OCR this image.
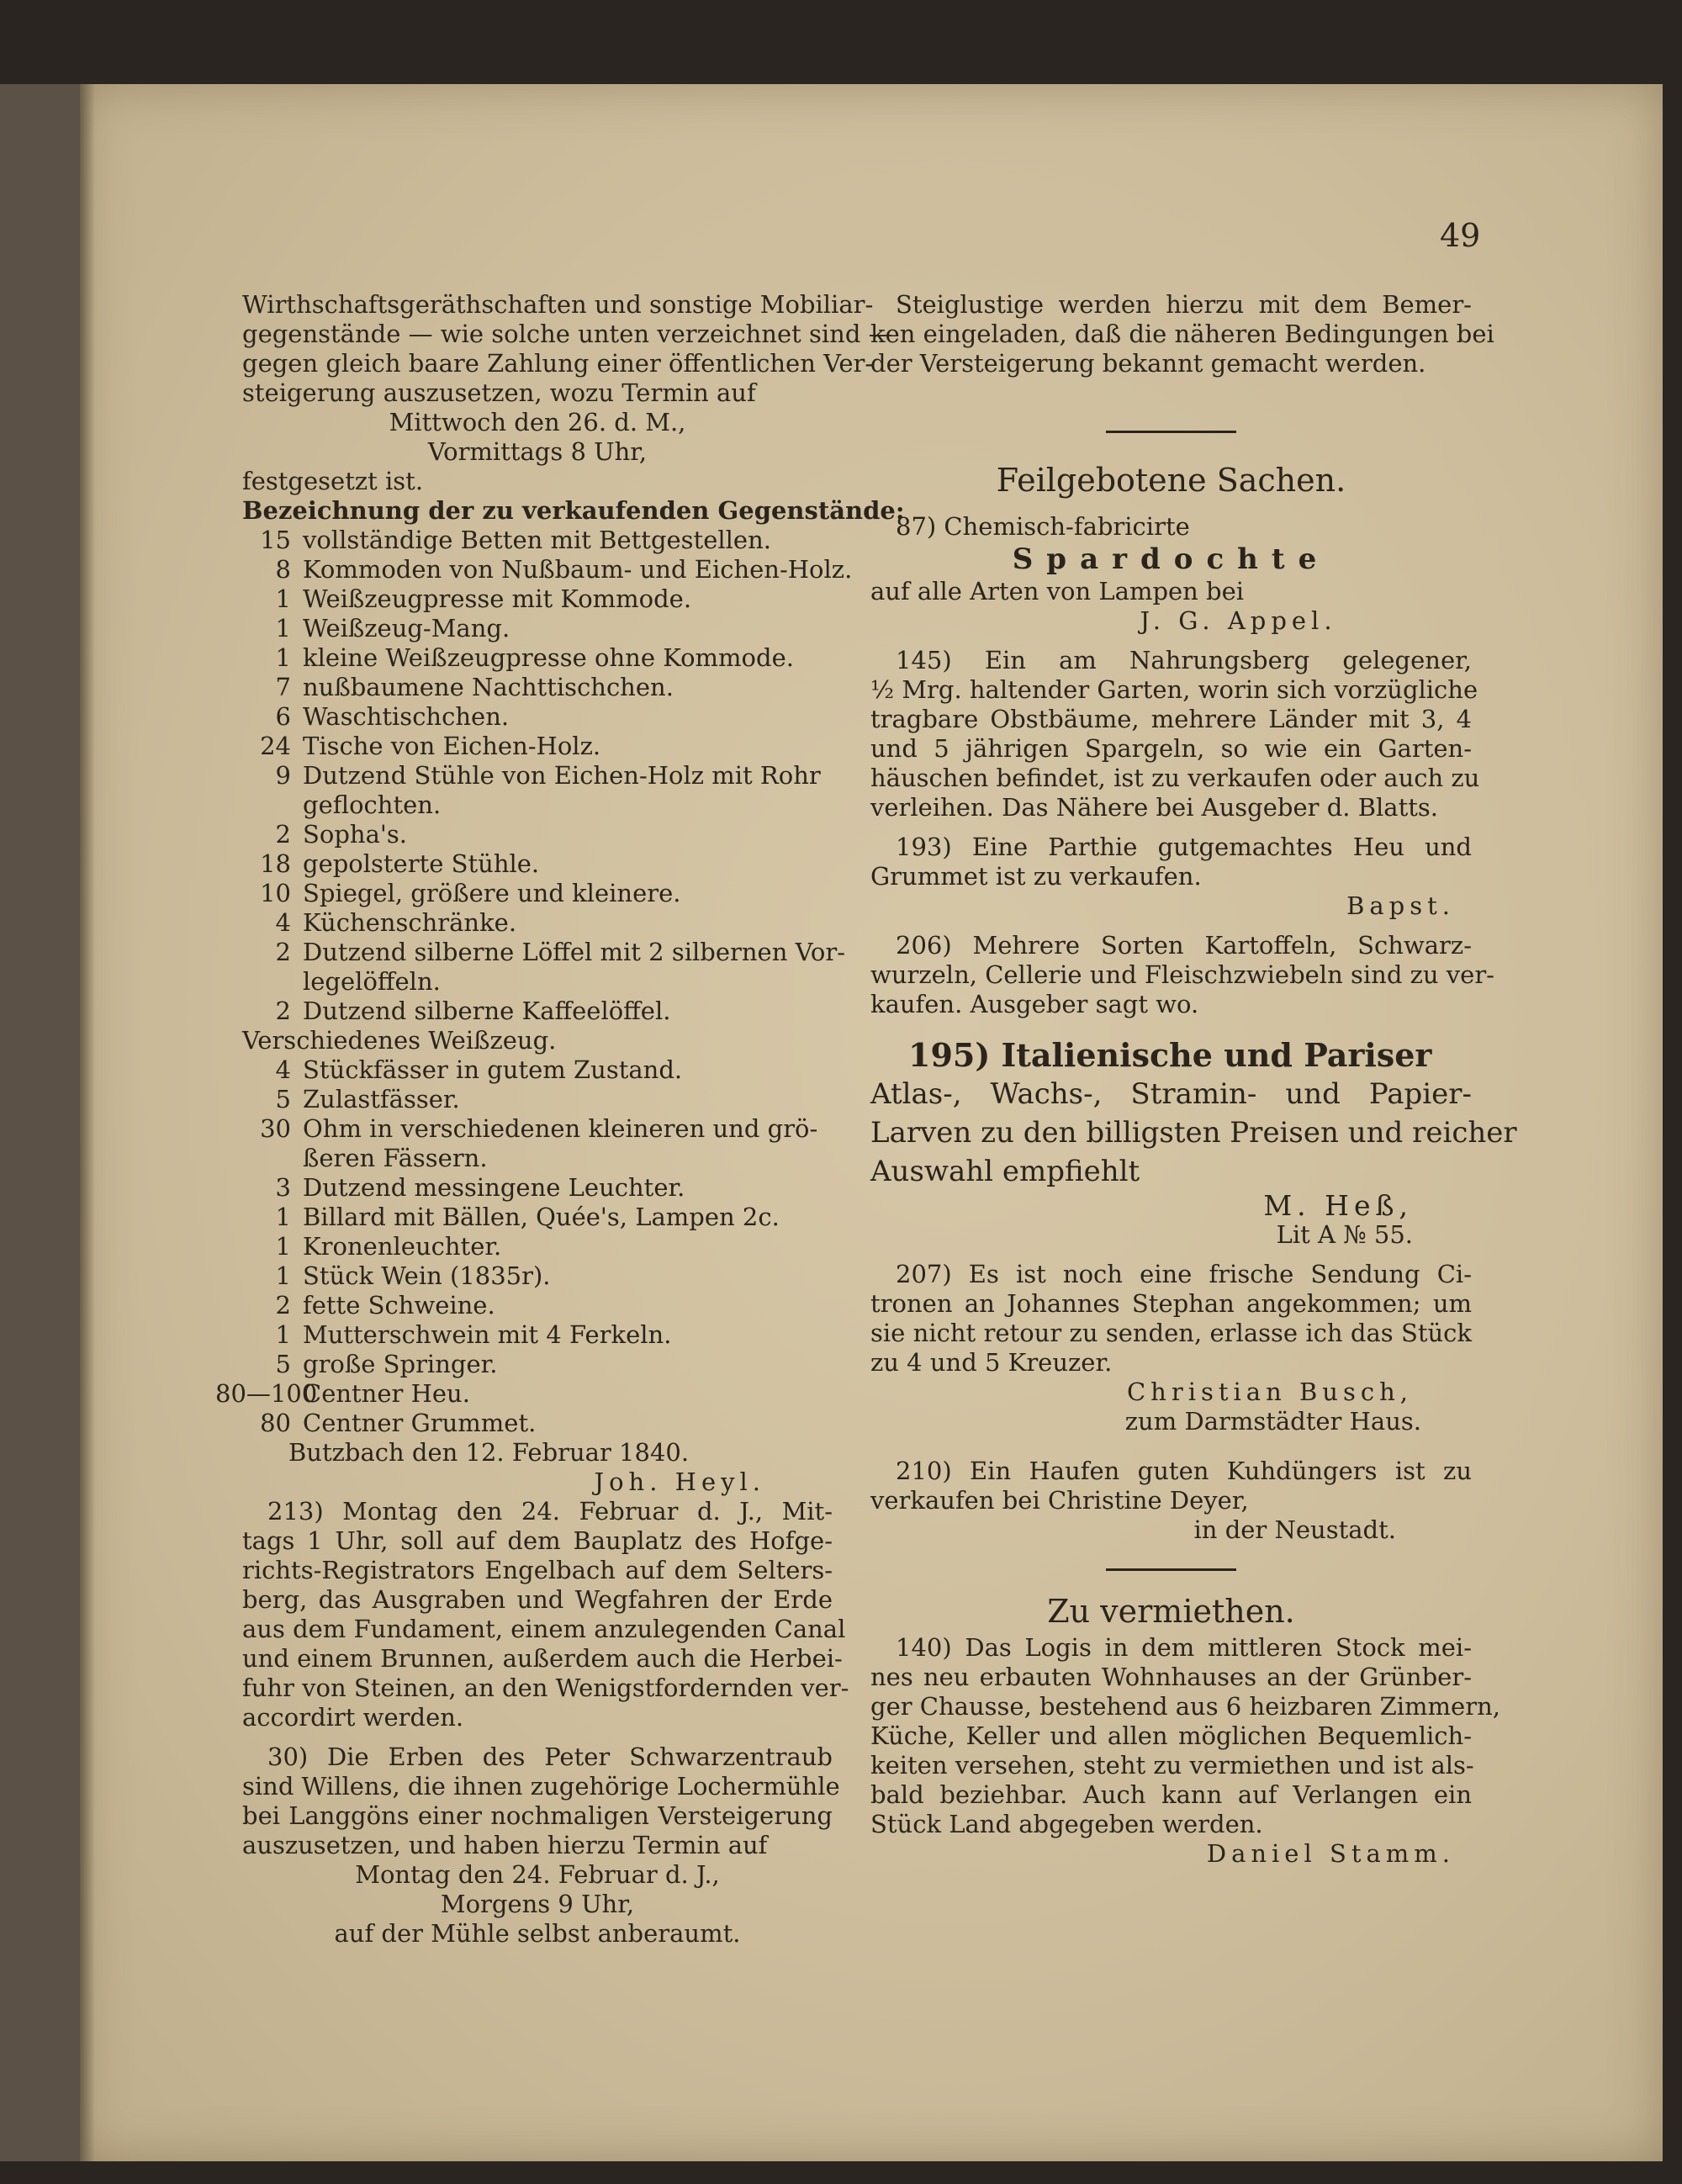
49
Wirthschaftsgeräthschaften und sonstige Mobiliar-
gegenstände — wie solche unten verzeichnet sind —
gegen gleich baare Zahlung einer öffentlichen Ver-
steigerung auszusetzen, wozu Termin auf
Mittwoch den 26. d. M.,
Vormittags 8 Uhr,
festgesetzt ist.
Bezeichnung der zu verkaufenden Gegenstände:
15 vollständige Betten mit Bettgestellen.
8 Kommoden von Nußbaum- und Eichen-Holz.
1 Weißzeugpresse mit Kommode.
1 Weißzeug-Mang.
1 kleine Weißzeugpresse ohne Kommode.
7 nußbaumene Nachttischchen.
6 Waschtischchen.
24 Tische von Eichen-Holz.
9 Dutzend Stühle von Eichen-Holz mit Rohr
geflochten.
2 Sopha's.
18 gepolsterte Stühle.
10 Spiegel, größere und kleinere.
4 Küchenschränke.
2 Dutzend silberne Löffel mit 2 silbernen Vor-
legelöffeln.
2 Dutzend silberne Kaffeelöffel.
Verschiedenes Weißzeug.
4 Stückfässer in gutem Zustand.
5 Zulastfässer.
30 Ohm in verschiedenen kleineren und grö-
ßeren Fässern.
3 Dutzend messingene Leuchter.
1 Billard mit Bällen, Quée's, Lampen 2c.
1 Kronenleuchter.
1 Stück Wein (1835r).
2 fette Schweine.
1 Mutterschwein mit 4 Ferkeln.
5 große Springer.
80—100
Centner Heu.
80 Centner Grummet.
Butzbach den 12. Februar 1840.
Joh. Heyl.
213) Montag den 24. Februar d. J., Mit-
tags 1 Uhr, soll auf dem Bauplatz des Hofge-
richts-Registrators Engelbach auf dem Selters-
berg, das Ausgraben und Wegfahren der Erde
aus dem Fundament, einem anzulegenden Canal
und einem Brunnen, außerdem auch die Herbei-
fuhr von Steinen, an den Wenigstfordernden ver-
accordirt werden.
30) Die Erben des Peter Schwarzentraub
sind Willens, die ihnen zugehörige Lochermühle
bei Langgöns einer nochmaligen Versteigerung
auszusetzen, und haben hierzu Termin auf
Montag den 24. Februar d. J.,
Morgens 9 Uhr,
auf der Mühle selbst anberaumt.
Steiglustige werden hierzu mit dem Bemer-
ken eingeladen, daß die näheren Bedingungen bei
der Versteigerung bekannt gemacht werden.
Feilgebotene Sachen.
87) Chemisch-fabricirte
Spardochte
auf alle Arten von Lampen bei
J. G. Appel.
145) Ein am Nahrungsberg gelegener,
½ Mrg. haltender Garten, worin sich vorzügliche
tragbare Obstbäume, mehrere Länder mit 3, 4
und 5 jährigen Spargeln, so wie ein Garten-
häuschen befindet, ist zu verkaufen oder auch zu
verleihen. Das Nähere bei Ausgeber d. Blatts.
193) Eine Parthie gutgemachtes Heu und
Grummet ist zu verkaufen.
Bapst.
206) Mehrere Sorten Kartoffeln, Schwarz-
wurzeln, Cellerie und Fleischzwiebeln sind zu ver-
kaufen. Ausgeber sagt wo.
195) Italienische und Pariser
Atlas-, Wachs-, Stramin- und Papier-
Larven zu den billigsten Preisen und reicher
Auswahl empfiehlt
M. Heß,
Lit A № 55.
207) Es ist noch eine frische Sendung Ci-
tronen an Johannes Stephan angekommen; um
sie nicht retour zu senden, erlasse ich das Stück
zu 4 und 5 Kreuzer.
Christian Busch,
zum Darmstädter Haus.
210) Ein Haufen guten Kuhdüngers ist zu
verkaufen bei Christine Deyer,
in der Neustadt.
Zu vermiethen.
140) Das Logis in dem mittleren Stock mei-
nes neu erbauten Wohnhauses an der Grünber-
ger Chausse, bestehend aus 6 heizbaren Zimmern,
Küche, Keller und allen möglichen Bequemlich-
keiten versehen, steht zu vermiethen und ist als-
bald beziehbar. Auch kann auf Verlangen ein
Stück Land abgegeben werden.
Daniel Stamm.
